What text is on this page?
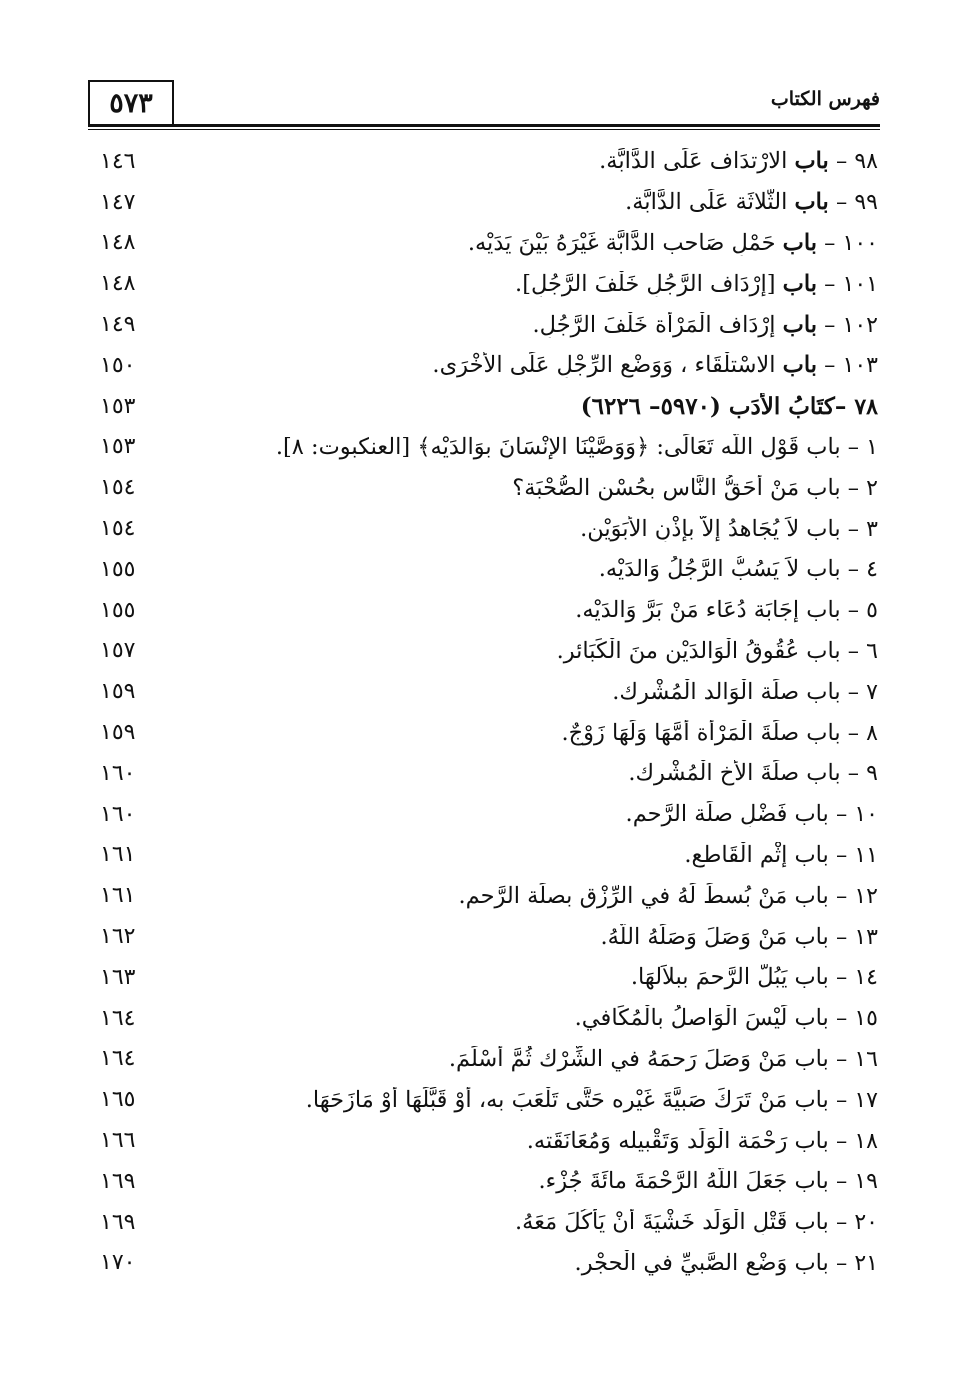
٥٧٣	فهرس الكتاب
١٤٦	٩٨ – باب الارْتدَاف عَلَى الدَّابَّة.
١٤٧	٩٩ – باب الثَّلاثَة عَلَى الدَّابَّة.
١٤٨	١٠٠ – باب حَمْلِ صَاحب الدَّابَّة غَيْرَهُ بَيْنَ يَدَيْه.
١٤٨	١٠١ – باب [إرْدَاف الرَّجُلِ خَلْفَ الرَّجُلِ].
١٤٩	١٠٢ – باب إرْدَاف الْمَرْأَة خَلْفَ الرَّجُلِ.
١٥٠	١٠٣ – باب الاسْتلْقَاء ، وَوَضْعِ الرِّجْلِ عَلَى الأُخْرَى.
١٥٣	٧٨ –كتَابُ الأَدَب (٥٩٧٠– ٦٢٢٦)
١٥٣	١ – باب قَوْلِ اللَّه تَعَالَى: ﴿وَوَصَّيْنَا الإنْسَانَ بوَالدَيْه﴾ [العنكبوت: ٨].
١٥٤	٢ – باب مَنْ أَحَقُّ النَّاس بحُسْنِ الصُّحْبَة؟
١٥٤	٣ – باب لاَ يُجَاهدُ إلاَّ بإذْنِ الأَبَوَيْنِ.
١٥٥	٤ – باب لاَ يَسُبُّ الرَّجُلُ وَالدَيْه.
١٥٥	٥ – باب إجَابَة دُعَاء مَنْ بَرَّ وَالدَيْه.
١٥٧	٦ – باب عُقُوقُ الْوَالدَيْنِ منَ الْكَبَائر.
١٥٩	٧ – باب صلَة الْوَالد الْمُشْرك.
١٥٩	٨ – باب صلَةَ الْمَرْأَة أُمَّهَا وَلَهَا زَوْجٌ.
١٦٠	٩ – باب صلَةَ الأَخ الْمُشْرك.
١٦٠	١٠ – باب فَضْلِ صلَة الرَّحمِ.
١٦١	١١ – باب إثْم الْقَاطع.
١٦١	١٢ – باب مَنْ بُسطَ لَهُ في الرِّزْق بصلَة الرَّحمِ.
١٦٢	١٣ – باب مَنْ وَصَلَ وَصَلَهُ اللَّهُ.
١٦٣	١٤ – باب يَبُلُّ الرَّحمَ ببلاَلهَا.
١٦٤	١٥ – باب لَيْسَ الْوَاصلُ بالْمُكَافي.
١٦٤	١٦ – باب مَنْ وَصَلَ رَحمَهُ في الشِّرْك ثُمَّ أَسْلَمَ.
١٦٥	١٧ – باب مَنْ تَرَكَ صَبيَّةَ غَيْره حَتَّى تَلْعَبَ به، أَوْ قَبَّلَهَا أَوْ مَازَحَهَا.
١٦٦	١٨ – باب رَحْمَة الْوَلَد وَتَقْبيله وَمُعَانَقَته.
١٦٩	١٩ – باب جَعَلَ اللَّهُ الرَّحْمَةَ مائَةَ جُزْء.
١٦٩	٢٠ – باب قَتْلِ الْوَلَد خَشْيَةَ أَنْ يَأْكُلَ مَعَهُ.
١٧٠	٢١ – باب وَضْعِ الصَّبيِّ في الْحجْر.
